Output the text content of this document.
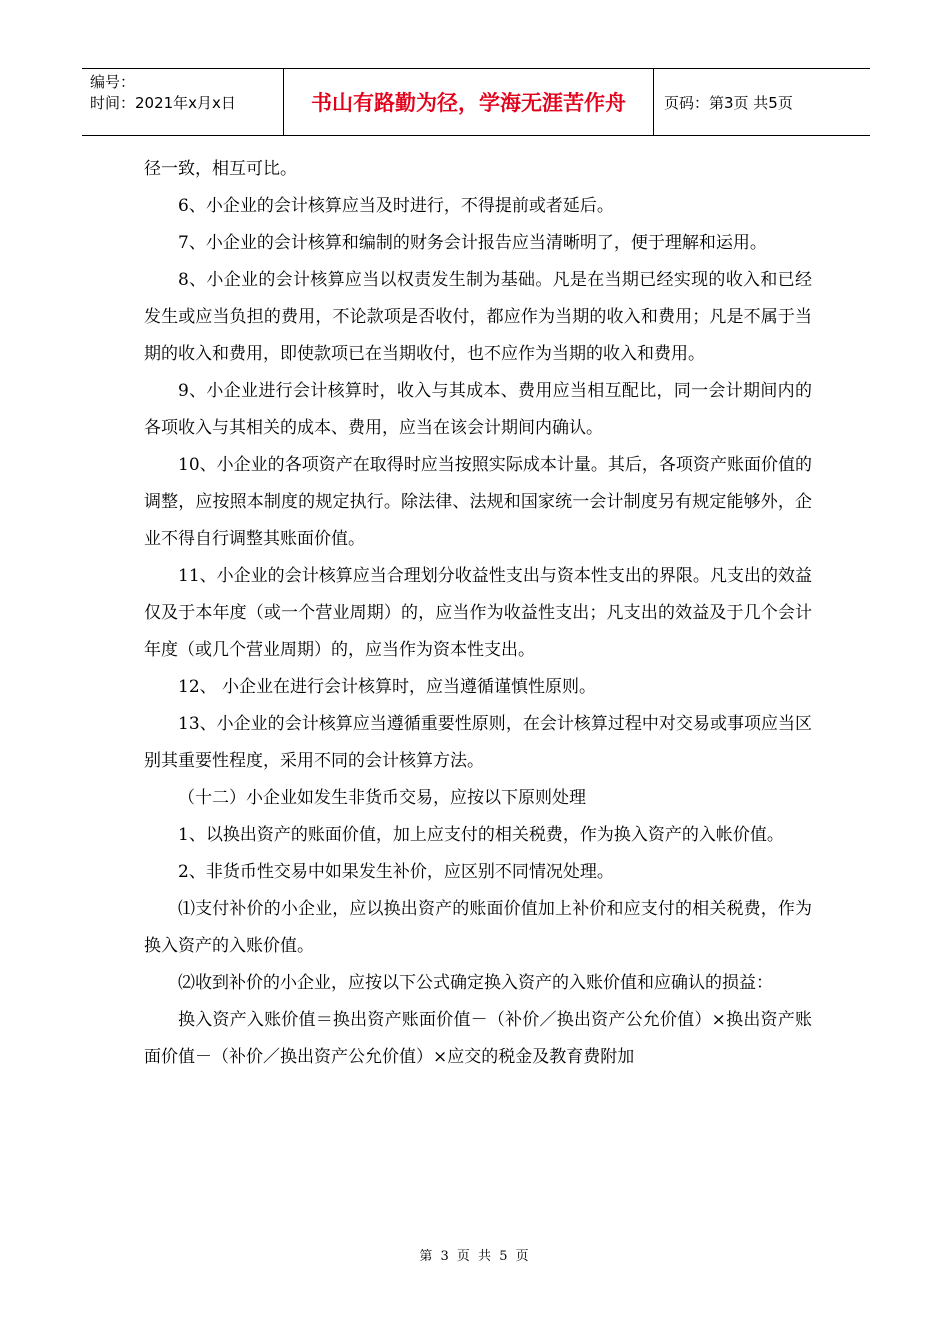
编号：
时间：2021年x月x日	书山有路勤为径，学海无涯苦作舟	页码：第3页 共5页

径一致，相互可比。

6、小企业的会计核算应当及时进行，不得提前或者延后。

7、小企业的会计核算和编制的财务会计报告应当清晰明了，便于理解和运用。

8、小企业的会计核算应当以权责发生制为基础。凡是在当期已经实现的收入和已经发生或应当负担的费用，不论款项是否收付，都应作为当期的收入和费用；凡是不属于当期的收入和费用，即使款项已在当期收付，也不应作为当期的收入和费用。

9、小企业进行会计核算时，收入与其成本、费用应当相互配比，同一会计期间内的各项收入与其相关的成本、费用，应当在该会计期间内确认。

10、小企业的各项资产在取得时应当按照实际成本计量。其后，各项资产账面价值的调整，应按照本制度的规定执行。除法律、法规和国家统一会计制度另有规定能够外，企业不得自行调整其账面价值。

11、小企业的会计核算应当合理划分收益性支出与资本性支出的界限。凡支出的效益仅及于本年度（或一个营业周期）的，应当作为收益性支出；凡支出的效益及于几个会计年度（或几个营业周期）的，应当作为资本性支出。

12、 小企业在进行会计核算时，应当遵循谨慎性原则。

13、小企业的会计核算应当遵循重要性原则，在会计核算过程中对交易或事项应当区别其重要性程度，采用不同的会计核算方法。

（十二）小企业如发生非货币交易，应按以下原则处理

1、以换出资产的账面价值，加上应支付的相关税费，作为换入资产的入帐价值。

2、非货币性交易中如果发生补价，应区别不同情况处理。

⑴支付补价的小企业，应以换出资产的账面价值加上补价和应支付的相关税费，作为换入资产的入账价值。

⑵收到补价的小企业，应按以下公式确定换入资产的入账价值和应确认的损益：

换入资产入账价值＝换出资产账面价值－（补价／换出资产公允价值）×换出资产账面价值－（补价／换出资产公允价值）×应交的税金及教育费附加

第 3 页 共 5 页
